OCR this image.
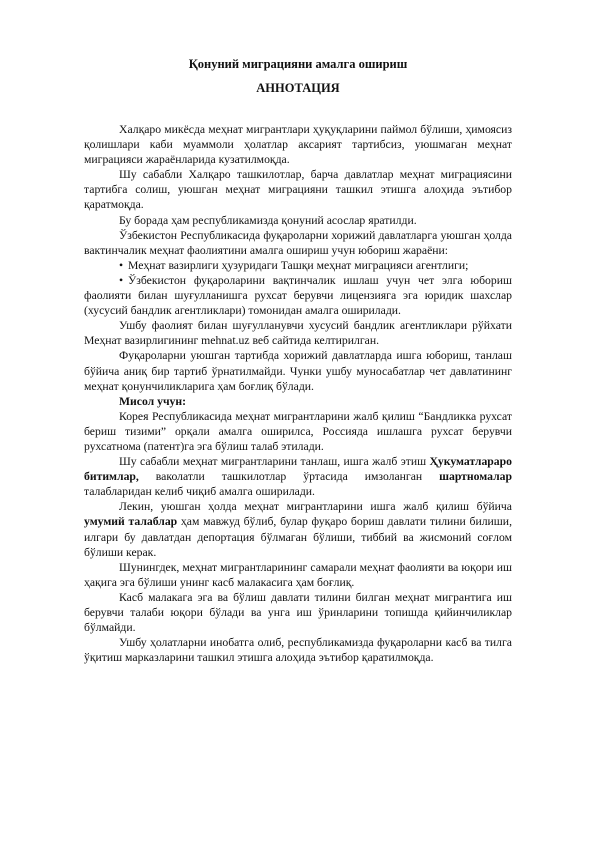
Қонуний миграцияни амалга ошириш

АННОТАЦИЯ

Халқаро микёсда меҳнат мигрантлари ҳуқуқларини паймол бўлиши, ҳимоясиз қолишлари каби муаммоли ҳолатлар аксарият тартибсиз, уюшмаган меҳнат миграцияси жараёнларида кузатилмоқда.

Шу сабабли Халқаро ташкилотлар, барча давлатлар меҳнат миграциясини тартибга солиш, уюшган меҳнат миграцияни ташкил этишга алоҳида эътибор қаратмоқда.

Бу борада ҳам республикамизда қонуний асослар яратилди.

Ўзбекистон Республикасида фуқароларни хорижий давлатларга уюшган ҳолда вактинчалик меҳнат фаолиятини амалга ошириш учун юбориш жараёни:

• Меҳнат вазирлиги ҳузуридаги Ташқи меҳнат миграцияси агентлиги;
• Ўзбекистон фуқароларини вақтинчалик ишлаш учун чет элга юбориш фаолияти билан шуғулланишга рухсат берувчи лицензияга эга юридик шахслар (хусусий бандлик агентликлари) томонидан амалга оширилади.

Ушбу фаолият билан шуғулланувчи хусусий бандлик агентликлари рўйхати Меҳнат вазирлигининг mehnat.uz веб сайтида келтирилган.

Фуқароларни уюшган тартибда хорижий давлатларда ишга юбориш, танлаш бўйича аниқ бир тартиб ўрнатилмайди. Чунки ушбу муносабатлар чет давлатининг меҳнат қонунчиликларига ҳам боғлиқ бўлади.

Мисол учун:

Корея Республикасида меҳнат мигрантларини жалб қилиш “Бандликка рухсат бериш тизими” орқали амалга оширилса, Россияда ишлашга рухсат берувчи рухсатнома (патент)га эга бўлиш талаб этилади.

Шу сабабли меҳнат мигрантларини танлаш, ишга жалб этиш Ҳукуматлараро битимлар, ваколатли ташкилотлар ўртасида имзоланган шартномалар талабларидан келиб чиқиб амалга оширилади.

Лекин, уюшган ҳолда меҳнат мигрантларини ишга жалб қилиш бўйича умумий талаблар ҳам мавжуд бўлиб, булар фуқаро бориш давлати тилини билиши, илгари бу давлатдан депортация бўлмаган бўлиши, тиббий ва жисмоний соғлом бўлиши керак.

Шунингдек, меҳнат мигрантларининг самарали меҳнат фаолияти ва юқори иш ҳақига эга бўлиши унинг касб малакасига ҳам боғлиқ.

Касб малакага эга ва бўлиш давлати тилини билган меҳнат мигрантига иш берувчи талаби юқори бўлади ва унга иш ўринларини топишда қийинчиликлар бўлмайди.

Ушбу ҳолатларни инобатга олиб, республикамизда фуқароларни касб ва тилга ўқитиш марказларини ташкил этишга алоҳида эътибор қаратилмоқда.
